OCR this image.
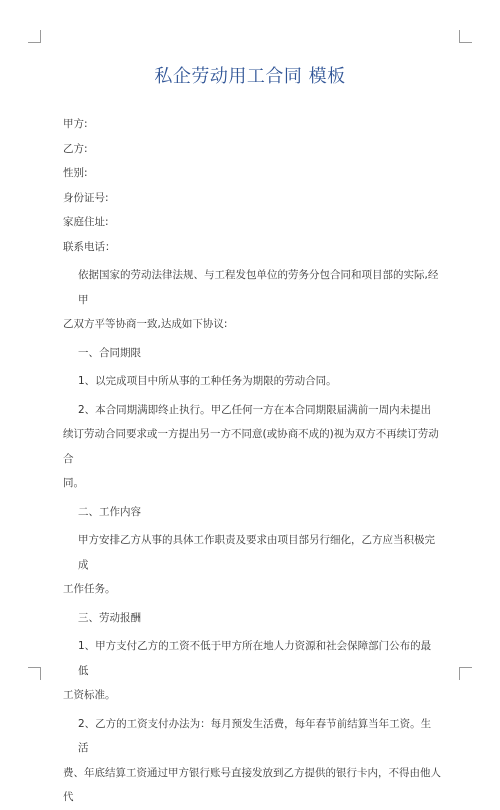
私企劳动用工合同 模板

甲方:

乙方:

性别:

身份证号:

家庭住址:

联系电话：

依据国家的劳动法律法规、与工程发包单位的劳务分包合同和项目部的实际,经甲

乙双方平等协商一致,达成如下协议:

一、合同期限

1、以完成项目中所从事的工种任务为期限的劳动合同。

2、本合同期满即终止执行。甲乙任何一方在本合同期限届满前一周内未提出

续订劳动合同要求或一方提出另一方不同意(或协商不成的)视为双方不再续订劳动合

同。

二、工作内容

甲方安排乙方从事的具体工作职责及要求由项目部另行细化，乙方应当积极完成

工作任务。

三、劳动报酬

1、甲方支付乙方的工资不低于甲方所在地人力资源和社会保障部门公布的最低

工资标准。

2、乙方的工资支付办法为：每月预发生活费，每年春节前结算当年工资。生活

费、年底结算工资通过甲方银行账号直接发放到乙方提供的银行卡内，不得由他人代
